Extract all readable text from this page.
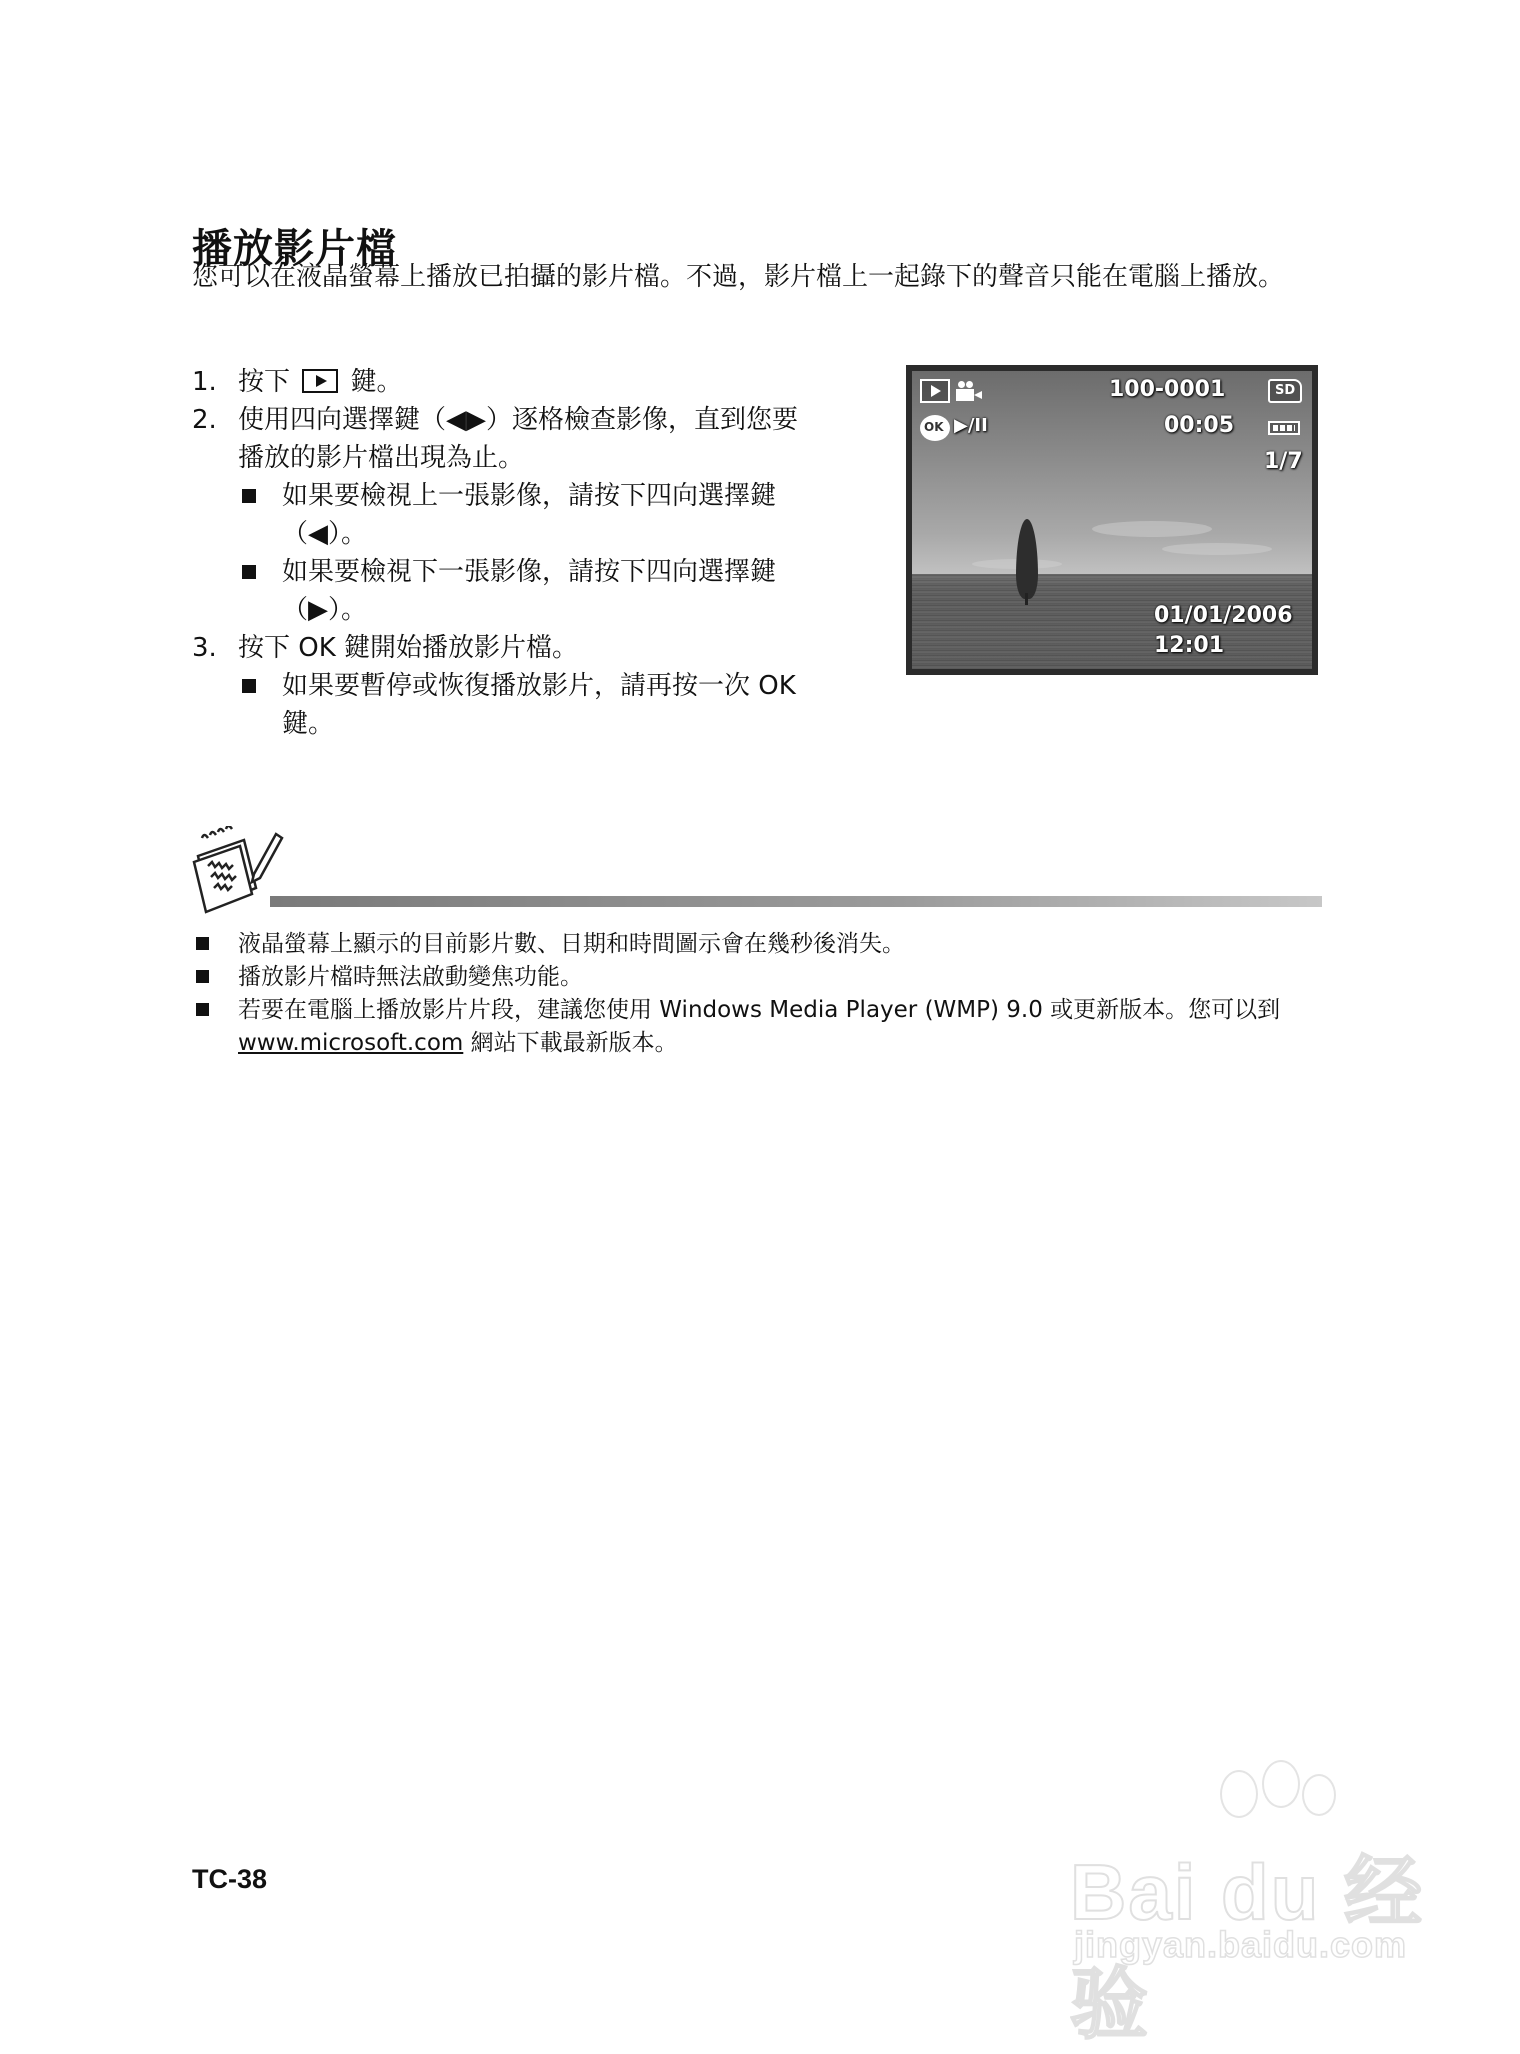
播放影片檔
您可以在液晶螢幕上播放已拍攝的影片檔。不過，影片檔上一起錄下的聲音只能在電腦上播放。
1. 按下 鍵。
2. 使用四向選擇鍵（◀▶）逐格檢查影像，直到您要播放的影片檔出現為止。
如果要檢視上一張影像，請按下四向選擇鍵（◀）。
如果要檢視下一張影像，請按下四向選擇鍵（▶）。
3. 按下 OK 鍵開始播放影片檔。
如果要暫停或恢復播放影片，請再按一次 OK 鍵。
100-0001	SD
OK ▶/II	00:05
1/7
01/01/2006
12:01
液晶螢幕上顯示的目前影片數、日期和時間圖示會在幾秒後消失。
播放影片檔時無法啟動變焦功能。
若要在電腦上播放影片片段，建議您使用 Windows Media Player (WMP) 9.0 或更新版本。您可以到 www.microsoft.com 網站下載最新版本。
TC-38	Bai du 经验
jingyan.baidu.com
